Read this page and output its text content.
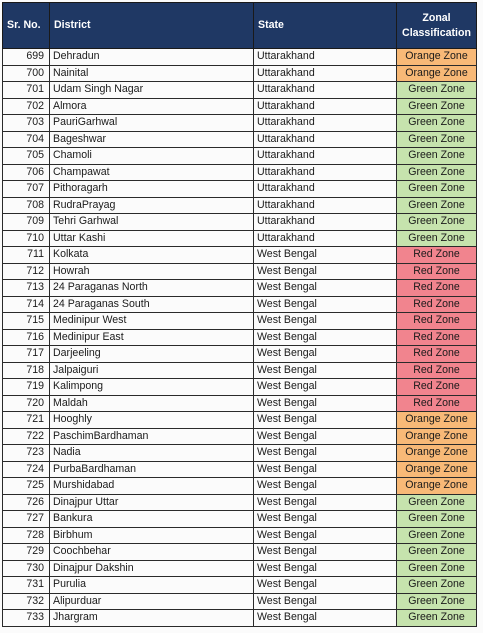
Sr. No.	District	State	Zonal
Classification
699	Dehradun	Uttarakhand	Orange Zone
700	Nainital	Uttarakhand	Orange Zone
701	Udam Singh Nagar	Uttarakhand	Green Zone
702	Almora	Uttarakhand	Green Zone
703	PauriGarhwal	Uttarakhand	Green Zone
704	Bageshwar	Uttarakhand	Green Zone
705	Chamoli	Uttarakhand	Green Zone
706	Champawat	Uttarakhand	Green Zone
707	Pithoragarh	Uttarakhand	Green Zone
708	RudraPrayag	Uttarakhand	Green Zone
709	Tehri Garhwal	Uttarakhand	Green Zone
710	Uttar Kashi	Uttarakhand	Green Zone
711	Kolkata	West Bengal	Red Zone
712	Howrah	West Bengal	Red Zone
713	24 Paraganas North	West Bengal	Red Zone
714	24 Paraganas South	West Bengal	Red Zone
715	Medinipur West	West Bengal	Red Zone
716	Medinipur East	West Bengal	Red Zone
717	Darjeeling	West Bengal	Red Zone
718	Jalpaiguri	West Bengal	Red Zone
719	Kalimpong	West Bengal	Red Zone
720	Maldah	West Bengal	Red Zone
721	Hooghly	West Bengal	Orange Zone
722	PaschimBardhaman	West Bengal	Orange Zone
723	Nadia	West Bengal	Orange Zone
724	PurbaBardhaman	West Bengal	Orange Zone
725	Murshidabad	West Bengal	Orange Zone
726	Dinajpur Uttar	West Bengal	Green Zone
727	Bankura	West Bengal	Green Zone
728	Birbhum	West Bengal	Green Zone
729	Coochbehar	West Bengal	Green Zone
730	Dinajpur Dakshin	West Bengal	Green Zone
731	Purulia	West Bengal	Green Zone
732	Alipurduar	West Bengal	Green Zone
733	Jhargram	West Bengal	Green Zone
